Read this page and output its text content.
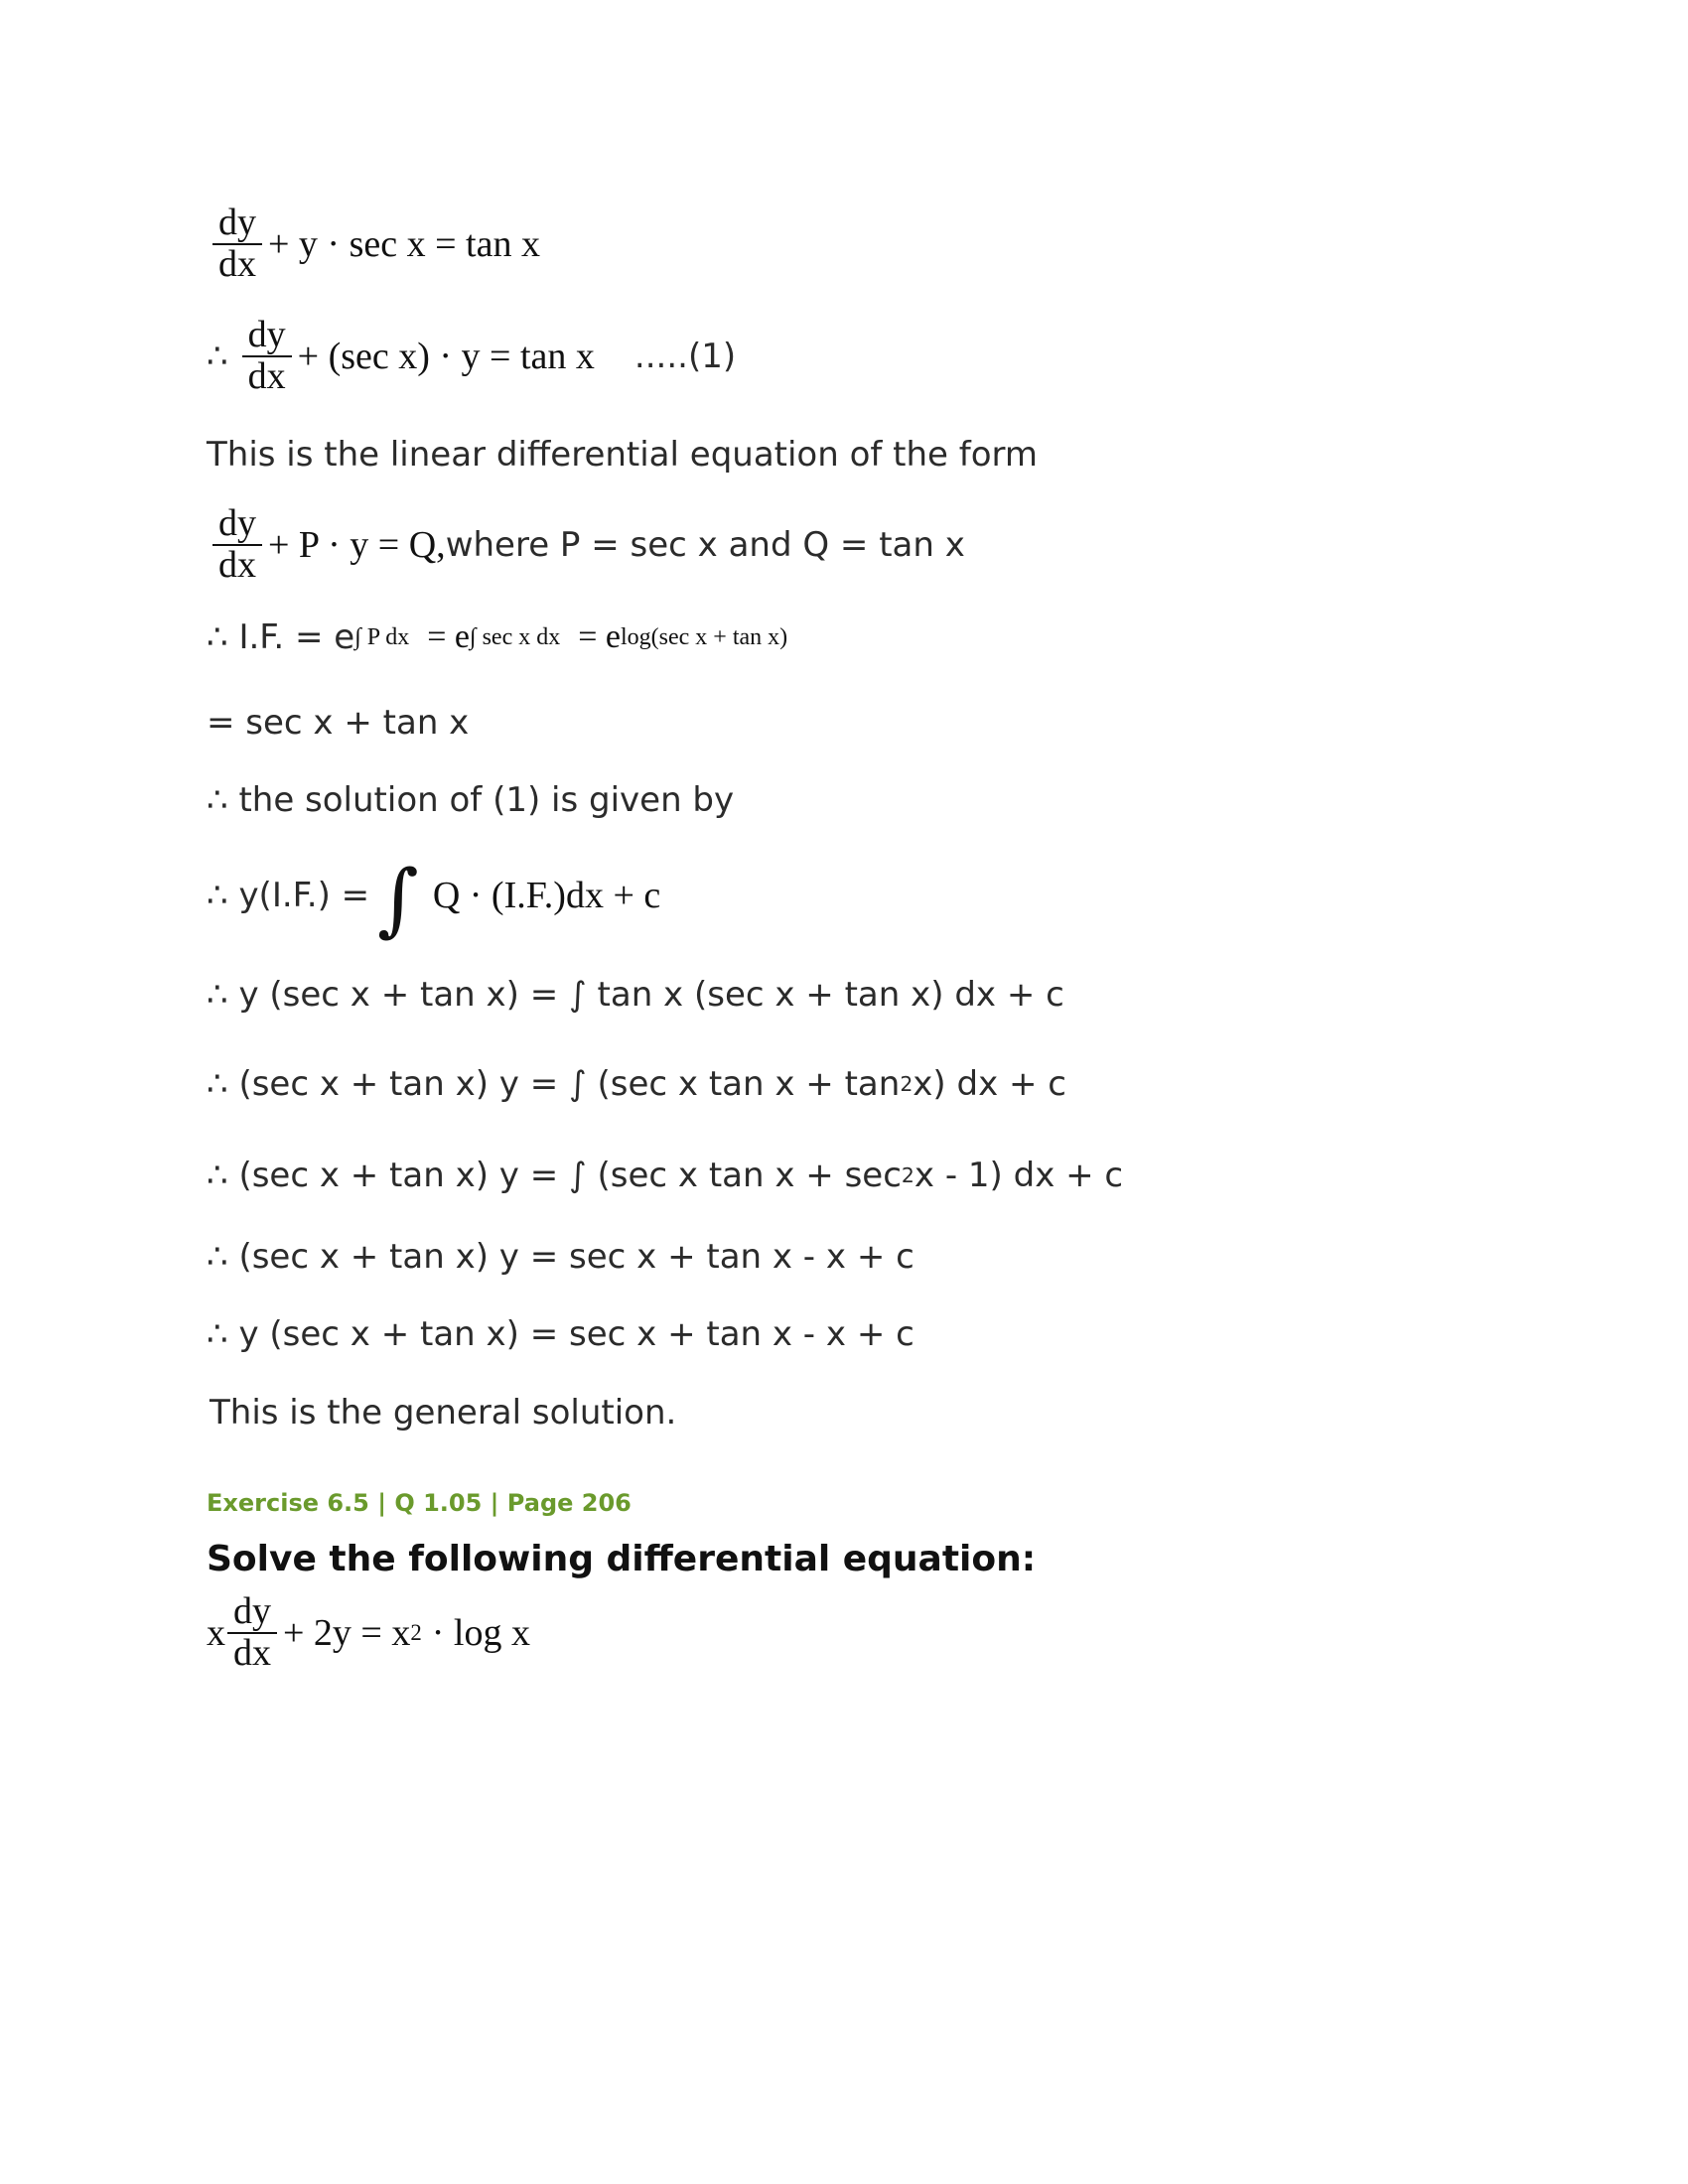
$\frac{dy}{dx} + y \cdot \sec x = \tan x$
∴ $\frac{dy}{dx} + (\sec$ x) · y = tan x .....(1)
This is the linear differential equation of the form
$\frac{dy}{dx} + P \cdot y = Q$, where P = sec x and Q = tan x
∴ I.F. = e ∫ P dx = e ∫ sec x dx = e log(sec x + tan x)
= sec x + tan x
∴ the solution of (1) is given by
∴ y(I.F.) = ∫ Q · (I.F.)dx + c
∴ y (sec x + tan x) = ∫ tan x (sec x + tan x) dx + c
∴ (sec x + tan x) y = ∫ (sec x tan x + tan 2 x) dx + c
∴ (sec x + tan x) y = ∫ (sec x tan x + sec 2 x - 1) dx + c
∴ (sec x + tan x) y = sec x + tan x - x + c
∴ y (sec x + tan x) = sec x + tan x - x + c
This is the general solution.
Exercise 6.5 | Q 1.05 | Page 206
Solve the following differential equation:
x $\frac{dy}{dx} + 2y = x$ 2 · log x
